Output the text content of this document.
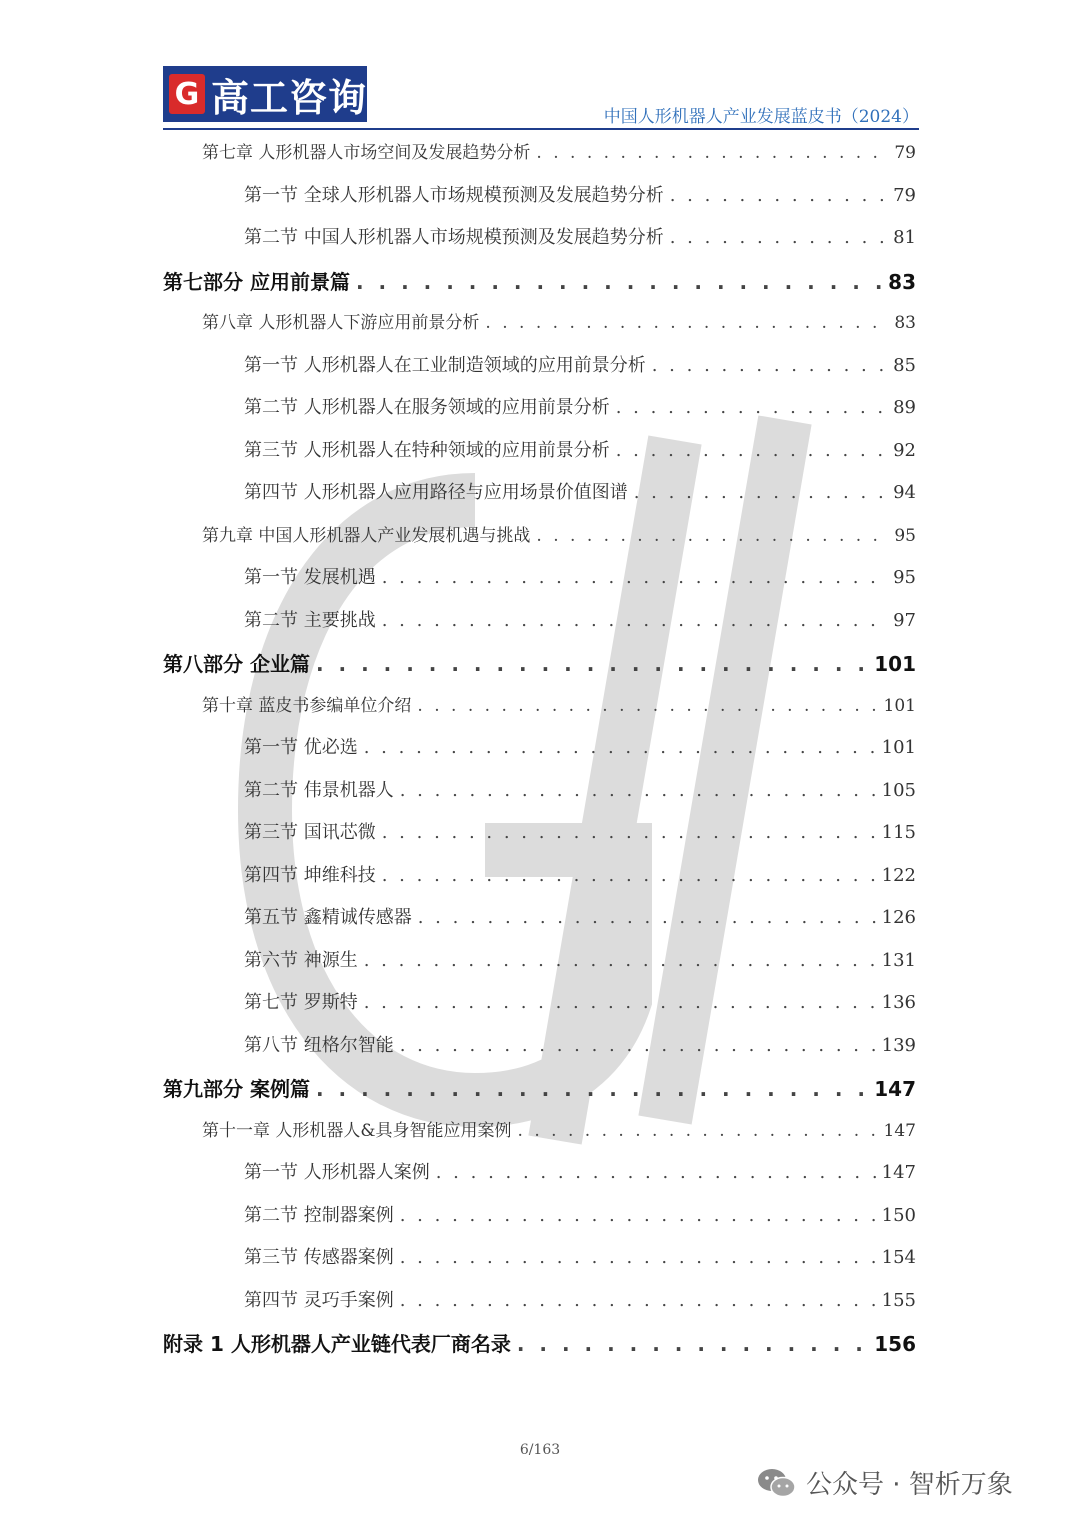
G 高工咨询	中国人形机器人产业发展蓝皮书（2024）
第七章 人形机器人市场空间及发展趋势分析 . . .	79
第一节 全球人形机器人市场规模预测及发展趋势分析 . . .	79
第二节 中国人形机器人市场规模预测及发展趋势分析 . . .	81
第七部分 应用前景篇 . . .	83
第八章 人形机器人下游应用前景分析 . . .	83
第一节 人形机器人在工业制造领域的应用前景分析 . . .	85
第二节 人形机器人在服务领域的应用前景分析 . . .	89
第三节 人形机器人在特种领域的应用前景分析 . . .	92
第四节 人形机器人应用路径与应用场景价值图谱 . . .	94
第九章 中国人形机器人产业发展机遇与挑战 . . .	95
第一节 发展机遇 . . .	95
第二节 主要挑战 . . .	97
第八部分 企业篇 . . .	101
第十章 蓝皮书参编单位介绍 . . .	101
第一节 优必选 . . .	101
第二节 伟景机器人 . . .	105
第三节 国讯芯微 . . .	115
第四节 坤维科技 . . .	122
第五节 鑫精诚传感器 . . .	126
第六节 神源生 . . .	131
第七节 罗斯特 . . .	136
第八节 纽格尔智能 . . .	139
第九部分 案例篇 . . .	147
第十一章 人形机器人&具身智能应用案例 . . .	147
第一节 人形机器人案例 . . .	147
第二节 控制器案例 . . .	150
第三节 传感器案例 . . .	154
第四节 灵巧手案例 . . .	155
附录 1 人形机器人产业链代表厂商名录 . . .	156
6/163
公众号 · 智析万象
